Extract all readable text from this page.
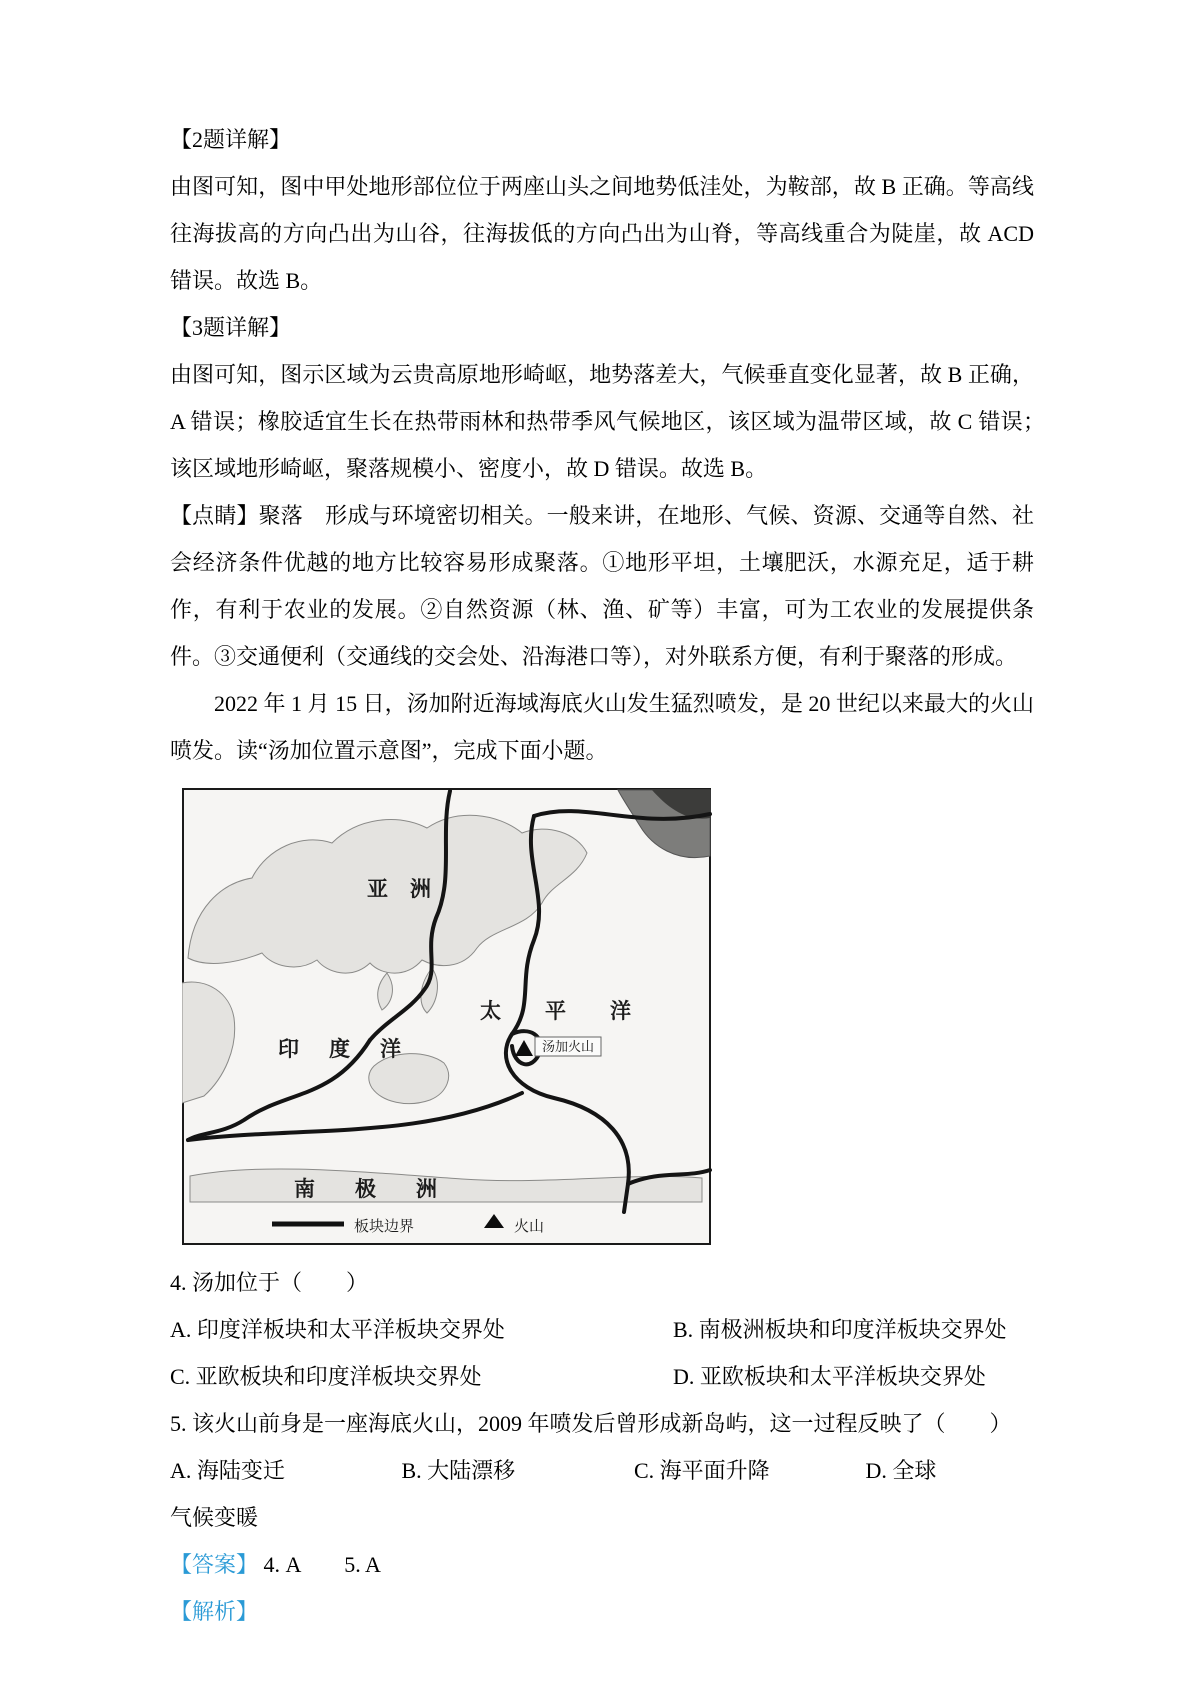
【2题详解】

由图可知，图中甲处地形部位位于两座山头之间地势低洼处，为鞍部，故 B 正确。等高线往海拔高的方向凸出为山谷，往海拔低的方向凸出为山脊，等高线重合为陡崖，故 ACD 错误。故选 B。

【3题详解】

由图可知，图示区域为云贵高原地形崎岖，地势落差大，气候垂直变化显著，故 B 正确，A 错误；橡胶适宜生长在热带雨林和热带季风气候地区，该区域为温带区域，故 C 错误；　该区域地形崎岖，聚落规模小、密度小，故 D 错误。故选 B。

【点睛】聚落　形成与环境密切相关。一般来讲，在地形、气候、资源、交通等自然、社会经济条件优越的地方比较容易形成聚落。①地形平坦，土壤肥沃，水源充足，适于耕作，有利于农业的发展。②自然资源（林、渔、矿等）丰富，可为工农业的发展提供条件。③交通便利（交通线的交会处、沿海港口等），对外联系方便，有利于聚落的形成。

2022 年 1 月 15 日，汤加附近海域海底火山发生猛烈喷发，是 20 世纪以来最大的火山喷发。读“汤加位置示意图”，完成下面小题。

汤加火山
亚洲
太平洋
印度洋
南极洲
板块边界	火山

4. 汤加位于（　　）

A. 印度洋板块和太平洋板块交界处	B. 南极洲板块和印度洋板块交界处
C. 亚欧板块和印度洋板块交界处	D. 亚欧板块和太平洋板块交界处

5. 该火山前身是一座海底火山，2009 年喷发后曾形成新岛屿，这一过程反映了（　　）

A. 海陆变迁	B. 大陆漂移	C. 海平面升降	D. 全球气候变暖

【答案】 4. A　　5. A

【解析】
